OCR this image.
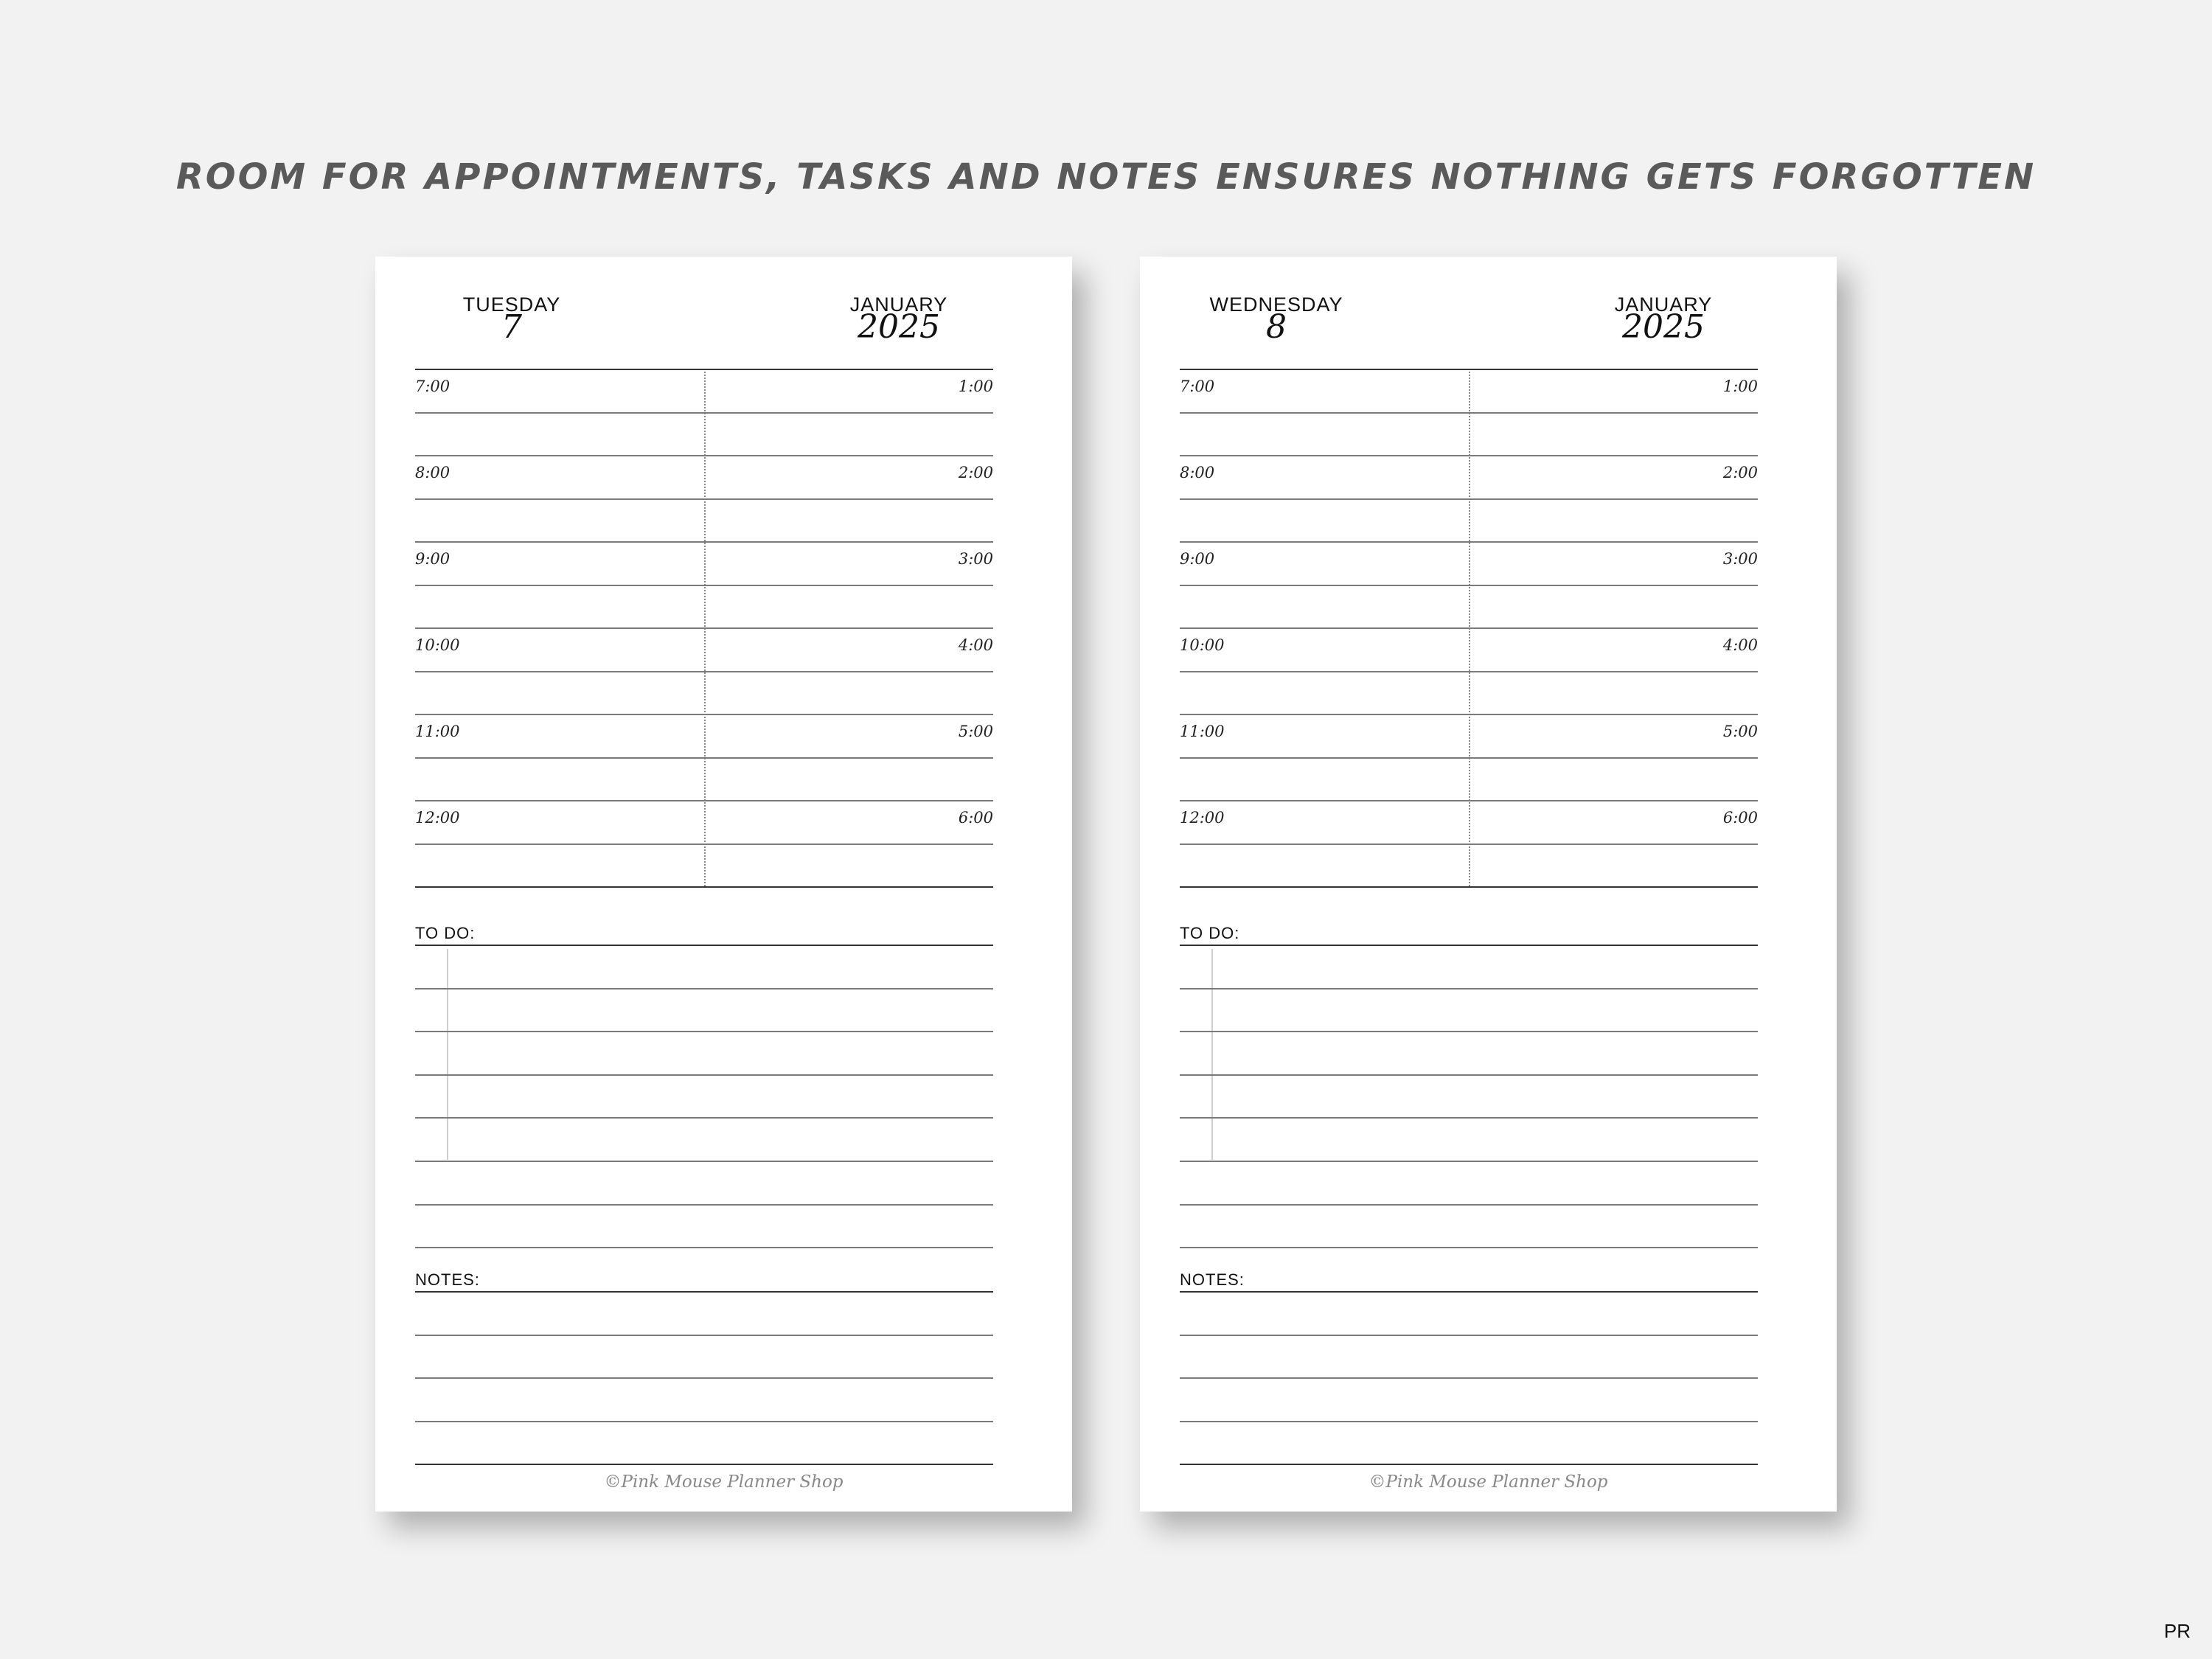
ROOM FOR APPOINTMENTS, TASKS AND NOTES ENSURES NOTHING GETS FORGOTTEN
TUESDAY
7
JANUARY
2025
TO DO:
NOTES:
©Pink Mouse Planner Shop
7:00
8:00
9:00
10:00
11:00
12:00
1:00
2:00
3:00
4:00
5:00
6:00
WEDNESDAY
8
JANUARY
2025
TO DO:
NOTES:
©Pink Mouse Planner Shop
7:00
8:00
9:00
10:00
11:00
12:00
1:00
2:00
3:00
4:00
5:00
6:00
PR
